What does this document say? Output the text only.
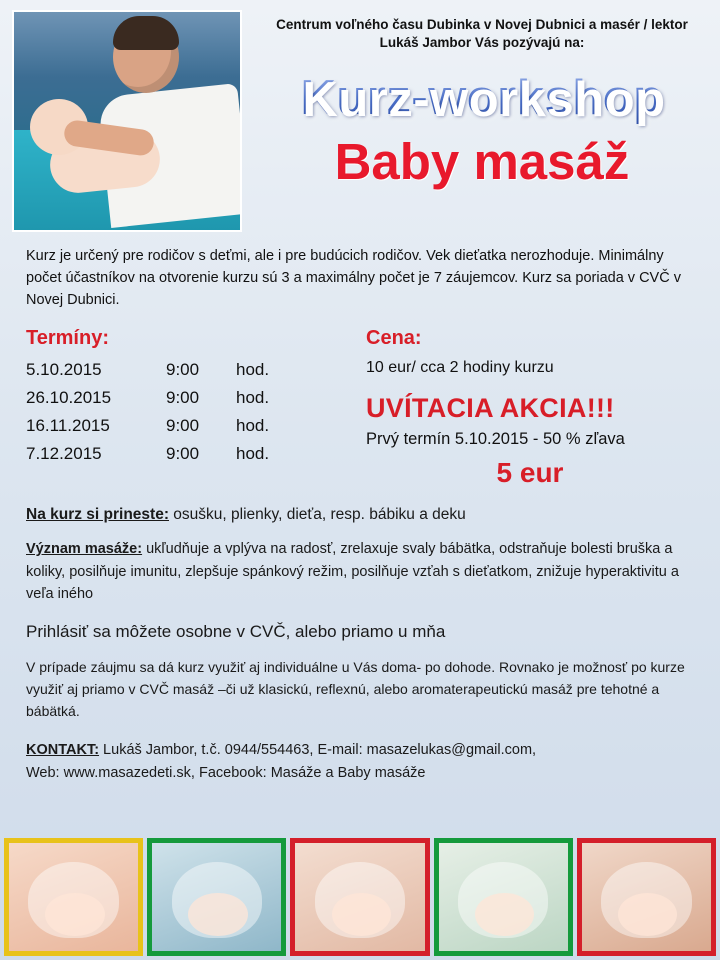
Centrum voľného času Dubinka v Novej Dubnici a masér / lektor Lukáš Jambor Vás pozývajú na:
Kurz-workshop
Baby masáž
Kurz je určený pre rodičov s deťmi, ale i pre budúcich rodičov. Vek dieťatka nerozhoduje. Minimálny počet účastníkov na otvorenie kurzu sú 3 a maximálny počet je 7 záujemcov. Kurz sa poriada v CVČ v Novej Dubnici.
Termíny:
5.10.2015	9:00	hod.
26.10.2015	9:00	hod.
16.11.2015	9:00	hod.
7.12.2015	9:00	hod.
Cena:
10 eur/ cca 2 hodiny kurzu
UVÍTACIA AKCIA!!!
Prvý termín 5.10.2015 - 50 % zľava
5 eur
Na kurz si prineste: osušku, plienky, dieťa, resp. bábiku a deku
Význam masáže: ukľudňuje a vplýva na radosť, zrelaxuje svaly bábätka, odstraňuje bolesti bruška a koliky, posilňuje imunitu, zlepšuje spánkový režim, posilňuje vzťah s dieťatkom, znižuje hyperaktivitu a veľa iného
Prihlásiť sa môžete osobne v CVČ, alebo priamo u mňa
V prípade záujmu sa dá kurz využiť aj individuálne u Vás doma- po dohode. Rovnako je možnosť po kurze využiť aj priamo v CVČ masáž –či už klasickú, reflexnú, alebo aromaterapeutickú masáž pre tehotné a bábätká.
KONTAKT: Lukáš Jambor, t.č. 0944/554463, E-mail: masazelukas@gmail.com,
Web: www.masazedeti.sk, Facebook: Masáže a Baby masáže
